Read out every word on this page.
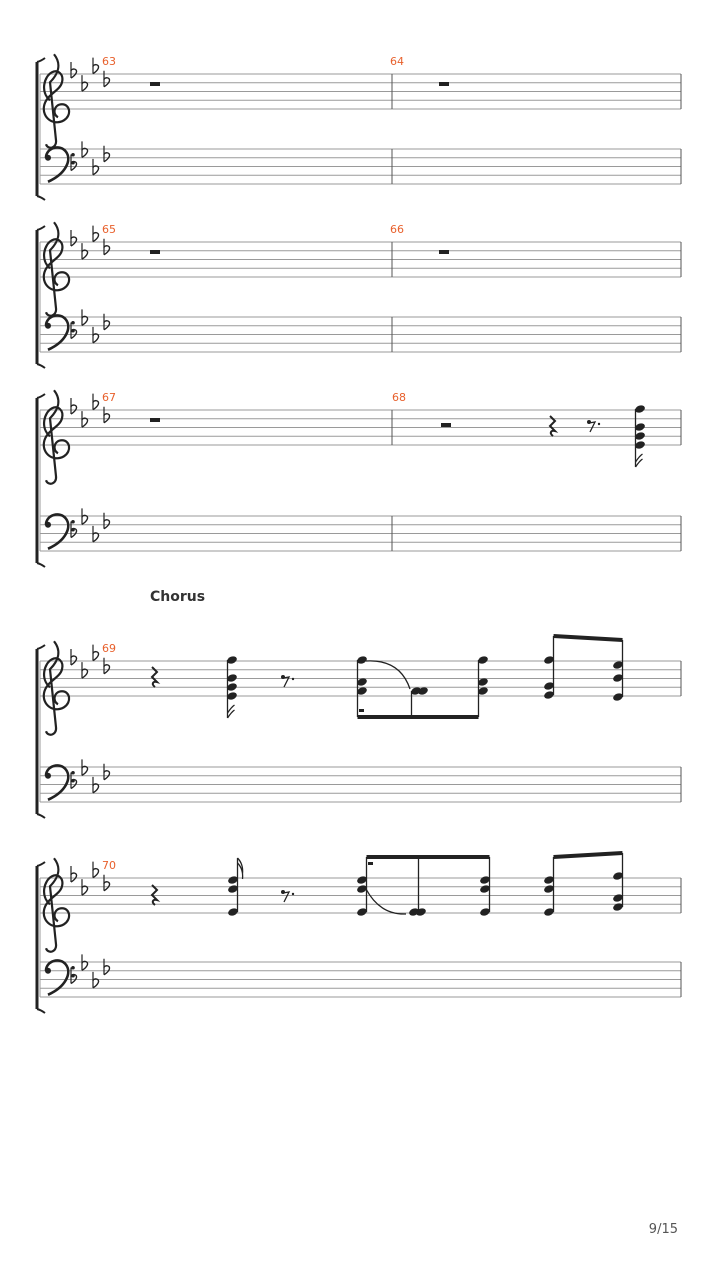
63	64
65	66
67	68
69
70
Chorus
9/15
